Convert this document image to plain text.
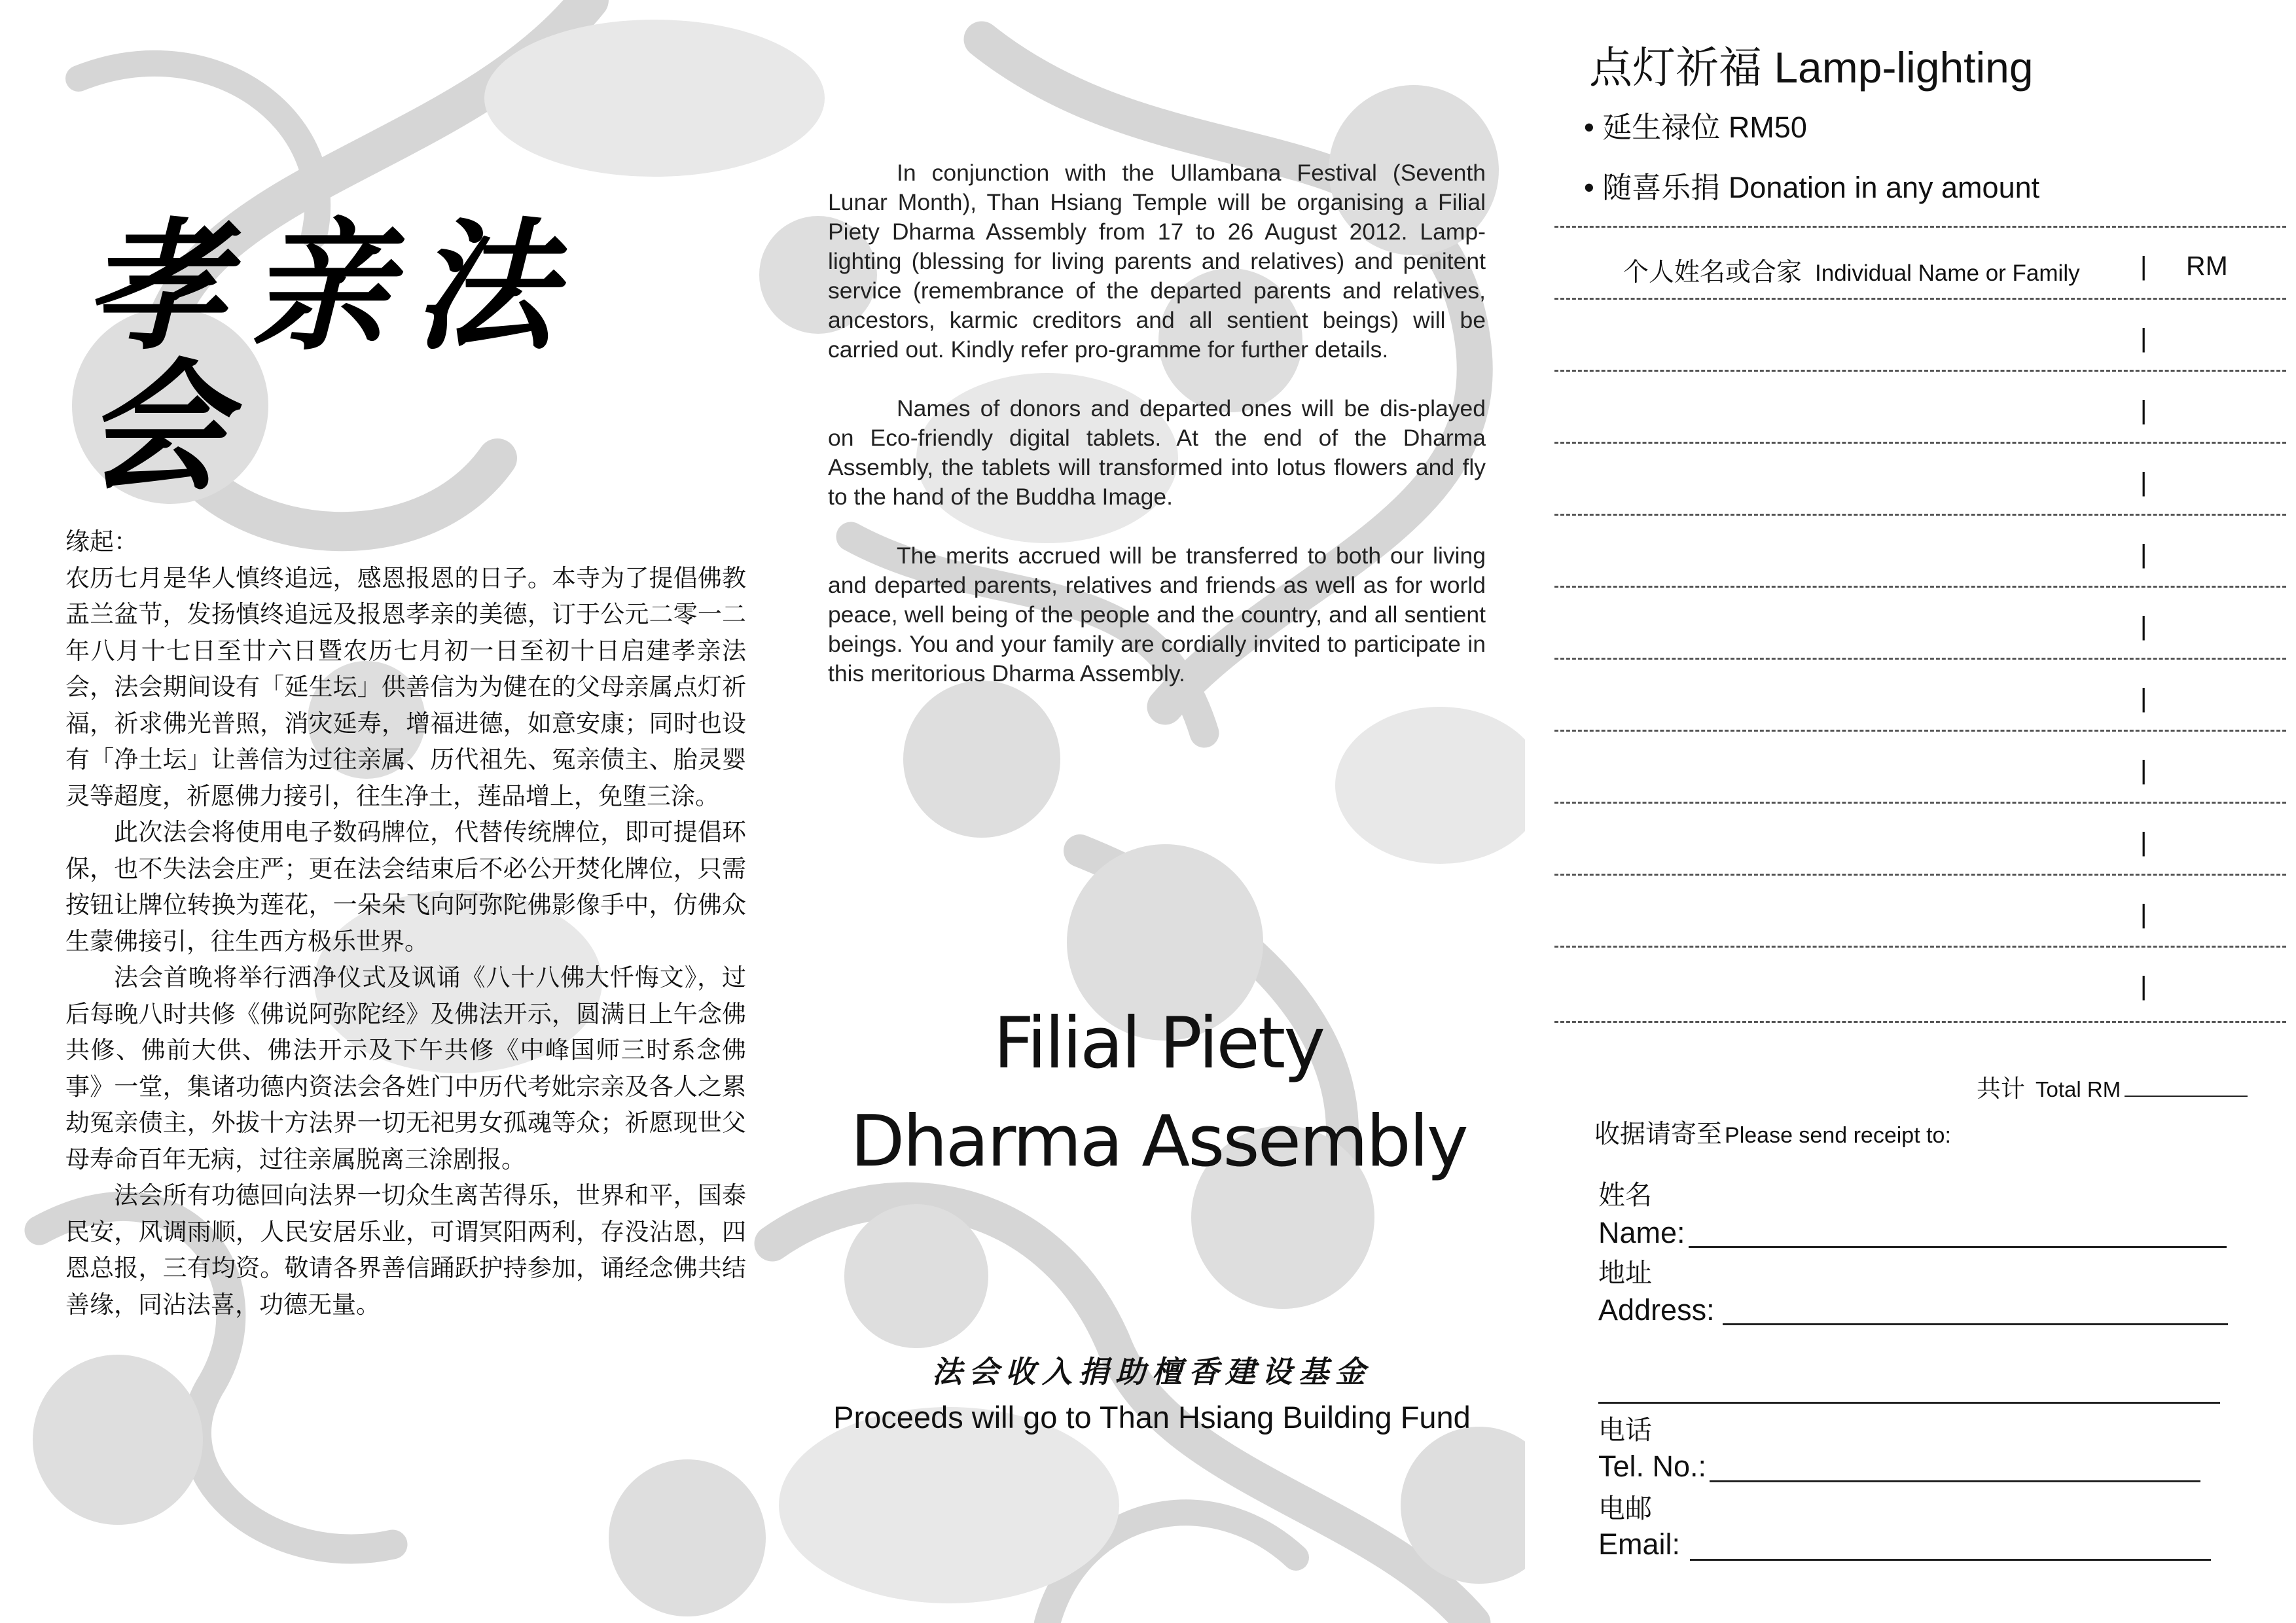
孝亲法会

缘起：

农历七月是华人慎终追远，感恩报恩的日子。本寺为了提倡佛教盂兰盆节，发扬慎终追远及报恩孝亲的美德，订于公元二零一二年八月十七日至廿六日暨农历七月初一日至初十日启建孝亲法会，法会期间设有「延生坛」供善信为为健在的父母亲属点灯祈福，祈求佛光普照，消灾延寿，增福进德，如意安康；同时也设有「净土坛」让善信为过往亲属、历代祖先、冤亲债主、胎灵婴灵等超度，祈愿佛力接引，往生净土，莲品增上，免堕三涂。

此次法会将使用电子数码牌位，代替传统牌位，即可提倡环保，也不失法会庄严；更在法会结束后不必公开焚化牌位，只需按钮让牌位转换为莲花，一朵朵飞向阿弥陀佛影像手中，仿佛众生蒙佛接引，往生西方极乐世界。

法会首晚将举行洒净仪式及讽诵《八十八佛大忏悔文》，过后每晚八时共修《佛说阿弥陀经》及佛法开示，圆满日上午念佛共修、佛前大供、佛法开示及下午共修《中峰国师三时系念佛事》一堂，集诸功德内资法会各姓门中历代考妣宗亲及各人之累劫冤亲债主，外拔十方法界一切无祀男女孤魂等众；祈愿现世父母寿命百年无病，过往亲属脱离三涂剧报。

法会所有功德回向法界一切众生离苦得乐，世界和平，国泰民安，风调雨顺，人民安居乐业，可谓冥阳两利，存没沾恩，四恩总报，三有均资。敬请各界善信踊跃护持参加，诵经念佛共结善缘，同沾法喜，功德无量。

In conjunction with the Ullambana Festival (Seventh Lunar Month), Than Hsiang Temple will be organising a Filial Piety Dharma Assembly from 17 to 26 August 2012. Lamp-lighting (blessing for living parents and relatives) and penitent service (remembrance of the departed parents and relatives, ancestors, karmic creditors and all sentient beings) will be carried out. Kindly refer pro-gramme for further details.

Names of donors and departed ones will be dis-played on Eco-friendly digital tablets. At the end of the Dharma Assembly, the tablets will transformed into lotus flowers and fly to the hand of the Buddha Image.

The merits accrued will be transferred to both our living and departed parents, relatives and friends as well as for world peace, well being of the people and the country, and all sentient beings. You and your family are cordially invited to participate in this meritorious Dharma Assembly.

Filial Piety
Dharma Assembly
法会收入捐助檀香建设基金
Proceeds will go to Than Hsiang Building Fund
点灯祈福 Lamp-lighting
• 延生禄位 RM50
• 随喜乐捐 Donation in any amount
个人姓名或合家 Individual Name or Family | RM
|
|
|
|
|
|
|
|
|
|
共计 Total RM
收据请寄至 Please send receipt to:
姓名
Name:
地址
Address:
电话
Tel. No.:
电邮
Email:
